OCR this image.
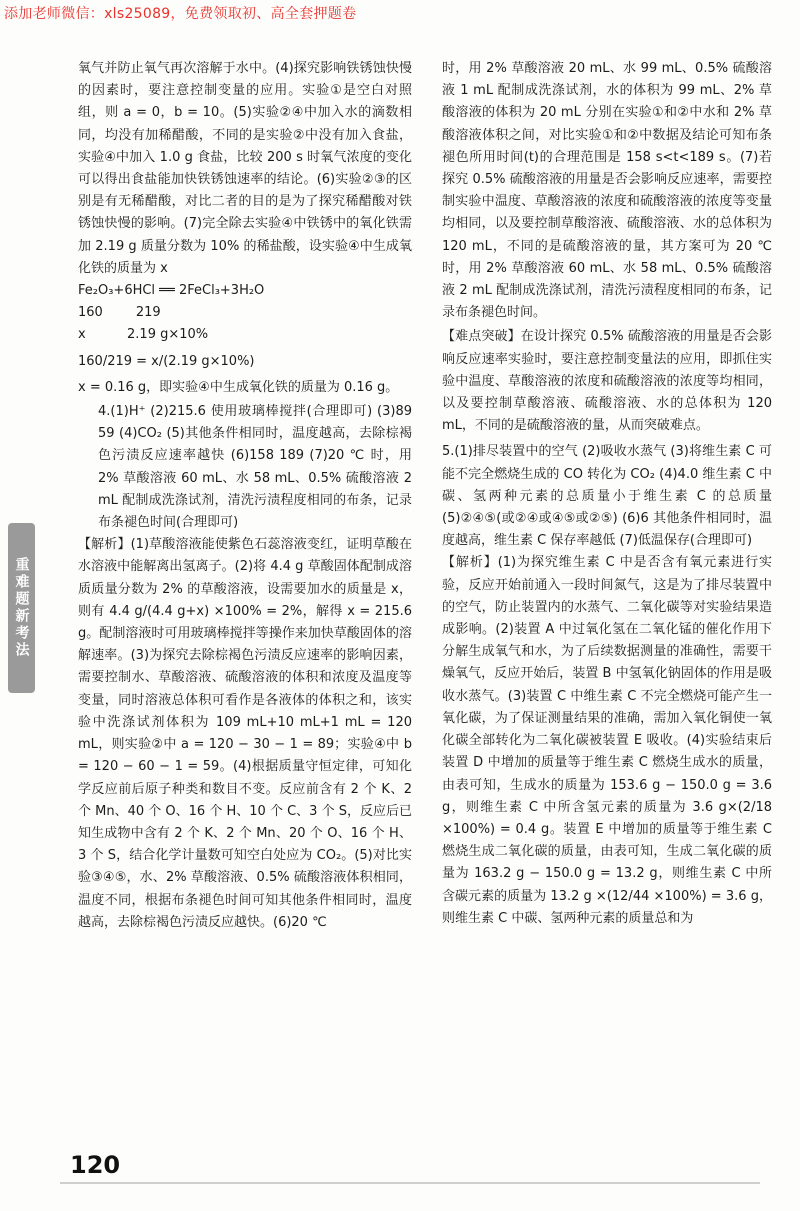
添加老师微信：xls25089，免费领取初、高全套押题卷

氧气并防止氧气再次溶解于水中。(4)探究影响铁锈蚀快慢的因素时，要注意控制变量的应用。实验①是空白对照组，则 a = 0，b = 10。(5)实验②④中加入水的滴数相同，均没有加稀醋酸，不同的是实验②中没有加入食盐，实验④中加入 1.0 g 食盐，比较 200 s 时氧气浓度的变化可以得出食盐能加快铁锈蚀速率的结论。(6)实验②③的区别是有无稀醋酸，对比二者的目的是为了探究稀醋酸对铁锈蚀快慢的影响。(7)完全除去实验④中铁锈中的氧化铁需加 2.19 g 质量分数为 10% 的稀盐酸，设实验④中生成氧化铁的质量为 x

Fe₂O₃+6HCl ══ 2FeCl₃+3H₂O

160        219

x          2.19 g×10%

160/219 = x/(2.19 g×10%)

x = 0.16 g，即实验④中生成氧化铁的质量为 0.16 g。

4.(1)H⁺ (2)215.6 使用玻璃棒搅拌(合理即可) (3)89 59 (4)CO₂ (5)其他条件相同时，温度越高，去除棕褐色污渍反应速率越快 (6)158 189 (7)20 ℃ 时，用 2% 草酸溶液 60 mL、水 58 mL、0.5% 硫酸溶液 2 mL 配制成洗涤试剂，清洗污渍程度相同的布条，记录布条褪色时间(合理即可)

【解析】(1)草酸溶液能使紫色石蕊溶液变红，证明草酸在水溶液中能解离出氢离子。(2)将 4.4 g 草酸固体配制成溶质质量分数为 2% 的草酸溶液，设需要加水的质量是 x，则有 4.4 g/(4.4 g+x) ×100% = 2%，解得 x = 215.6 g。配制溶液时可用玻璃棒搅拌等操作来加快草酸固体的溶解速率。(3)为探究去除棕褐色污渍反应速率的影响因素，需要控制水、草酸溶液、硫酸溶液的体积和浓度及温度等变量，同时溶液总体积可看作是各液体的体积之和，该实验中洗涤试剂体积为 109 mL+10 mL+1 mL = 120 mL，则实验②中 a = 120 − 30 − 1 = 89；实验④中 b = 120 − 60 − 1 = 59。(4)根据质量守恒定律，可知化学反应前后原子种类和数目不变。反应前含有 2 个 K、2 个 Mn、40 个 O、16 个 H、10 个 C、3 个 S，反应后已知生成物中含有 2 个 K、2 个 Mn、20 个 O、16 个 H、3 个 S，结合化学计量数可知空白处应为 CO₂。(5)对比实验③④⑤，水、2% 草酸溶液、0.5% 硫酸溶液体积相同，温度不同，根据布条褪色时间可知其他条件相同时，温度越高，去除棕褐色污渍反应越快。(6)20 ℃

时，用 2% 草酸溶液 20 mL、水 99 mL、0.5% 硫酸溶液 1 mL 配制成洗涤试剂，水的体积为 99 mL、2% 草酸溶液的体积为 20 mL 分别在实验①和②中水和 2% 草酸溶液体积之间，对比实验①和②中数据及结论可知布条褪色所用时间(t)的合理范围是 158 s<t<189 s。(7)若探究 0.5% 硫酸溶液的用量是否会影响反应速率，需要控制实验中温度、草酸溶液的浓度和硫酸溶液的浓度等变量均相同，以及要控制草酸溶液、硫酸溶液、水的总体积为 120 mL，不同的是硫酸溶液的量，其方案可为 20 ℃ 时，用 2% 草酸溶液 60 mL、水 58 mL、0.5% 硫酸溶液 2 mL 配制成洗涤试剂，清洗污渍程度相同的布条，记录布条褪色时间。

【难点突破】在设计探究 0.5% 硫酸溶液的用量是否会影响反应速率实验时，要注意控制变量法的应用，即抓住实验中温度、草酸溶液的浓度和硫酸溶液的浓度等均相同，以及要控制草酸溶液、硫酸溶液、水的总体积为 120 mL，不同的是硫酸溶液的量，从而突破难点。

5.(1)排尽装置中的空气 (2)吸收水蒸气 (3)将维生素 C 可能不完全燃烧生成的 CO 转化为 CO₂ (4)4.0 维生素 C 中碳、氢两种元素的总质量小于维生素 C 的总质量 (5)②④⑤(或②④或④⑤或②⑤) (6)6 其他条件相同时，温度越高，维生素 C 保存率越低 (7)低温保存(合理即可)

【解析】(1)为探究维生素 C 中是否含有氧元素进行实验，反应开始前通入一段时间氮气，这是为了排尽装置中的空气，防止装置内的水蒸气、二氧化碳等对实验结果造成影响。(2)装置 A 中过氧化氢在二氧化锰的催化作用下分解生成氧气和水，为了后续数据测量的准确性，需要干燥氧气，反应开始后，装置 B 中氢氧化钠固体的作用是吸收水蒸气。(3)装置 C 中维生素 C 不完全燃烧可能产生一氧化碳，为了保证测量结果的准确，需加入氧化铜使一氧化碳全部转化为二氧化碳被装置 E 吸收。(4)实验结束后装置 D 中增加的质量等于维生素 C 燃烧生成水的质量，由表可知，生成水的质量为 153.6 g − 150.0 g = 3.6 g，则维生素 C 中所含氢元素的质量为 3.6 g×(2/18 ×100%) = 0.4 g。装置 E 中增加的质量等于维生素 C 燃烧生成二氧化碳的质量，由表可知，生成二氧化碳的质量为 163.2 g − 150.0 g = 13.2 g，则维生素 C 中所含碳元素的质量为 13.2 g ×(12/44 ×100%) = 3.6 g，则维生素 C 中碳、氢两种元素的质量总和为

重难题新考法

120
